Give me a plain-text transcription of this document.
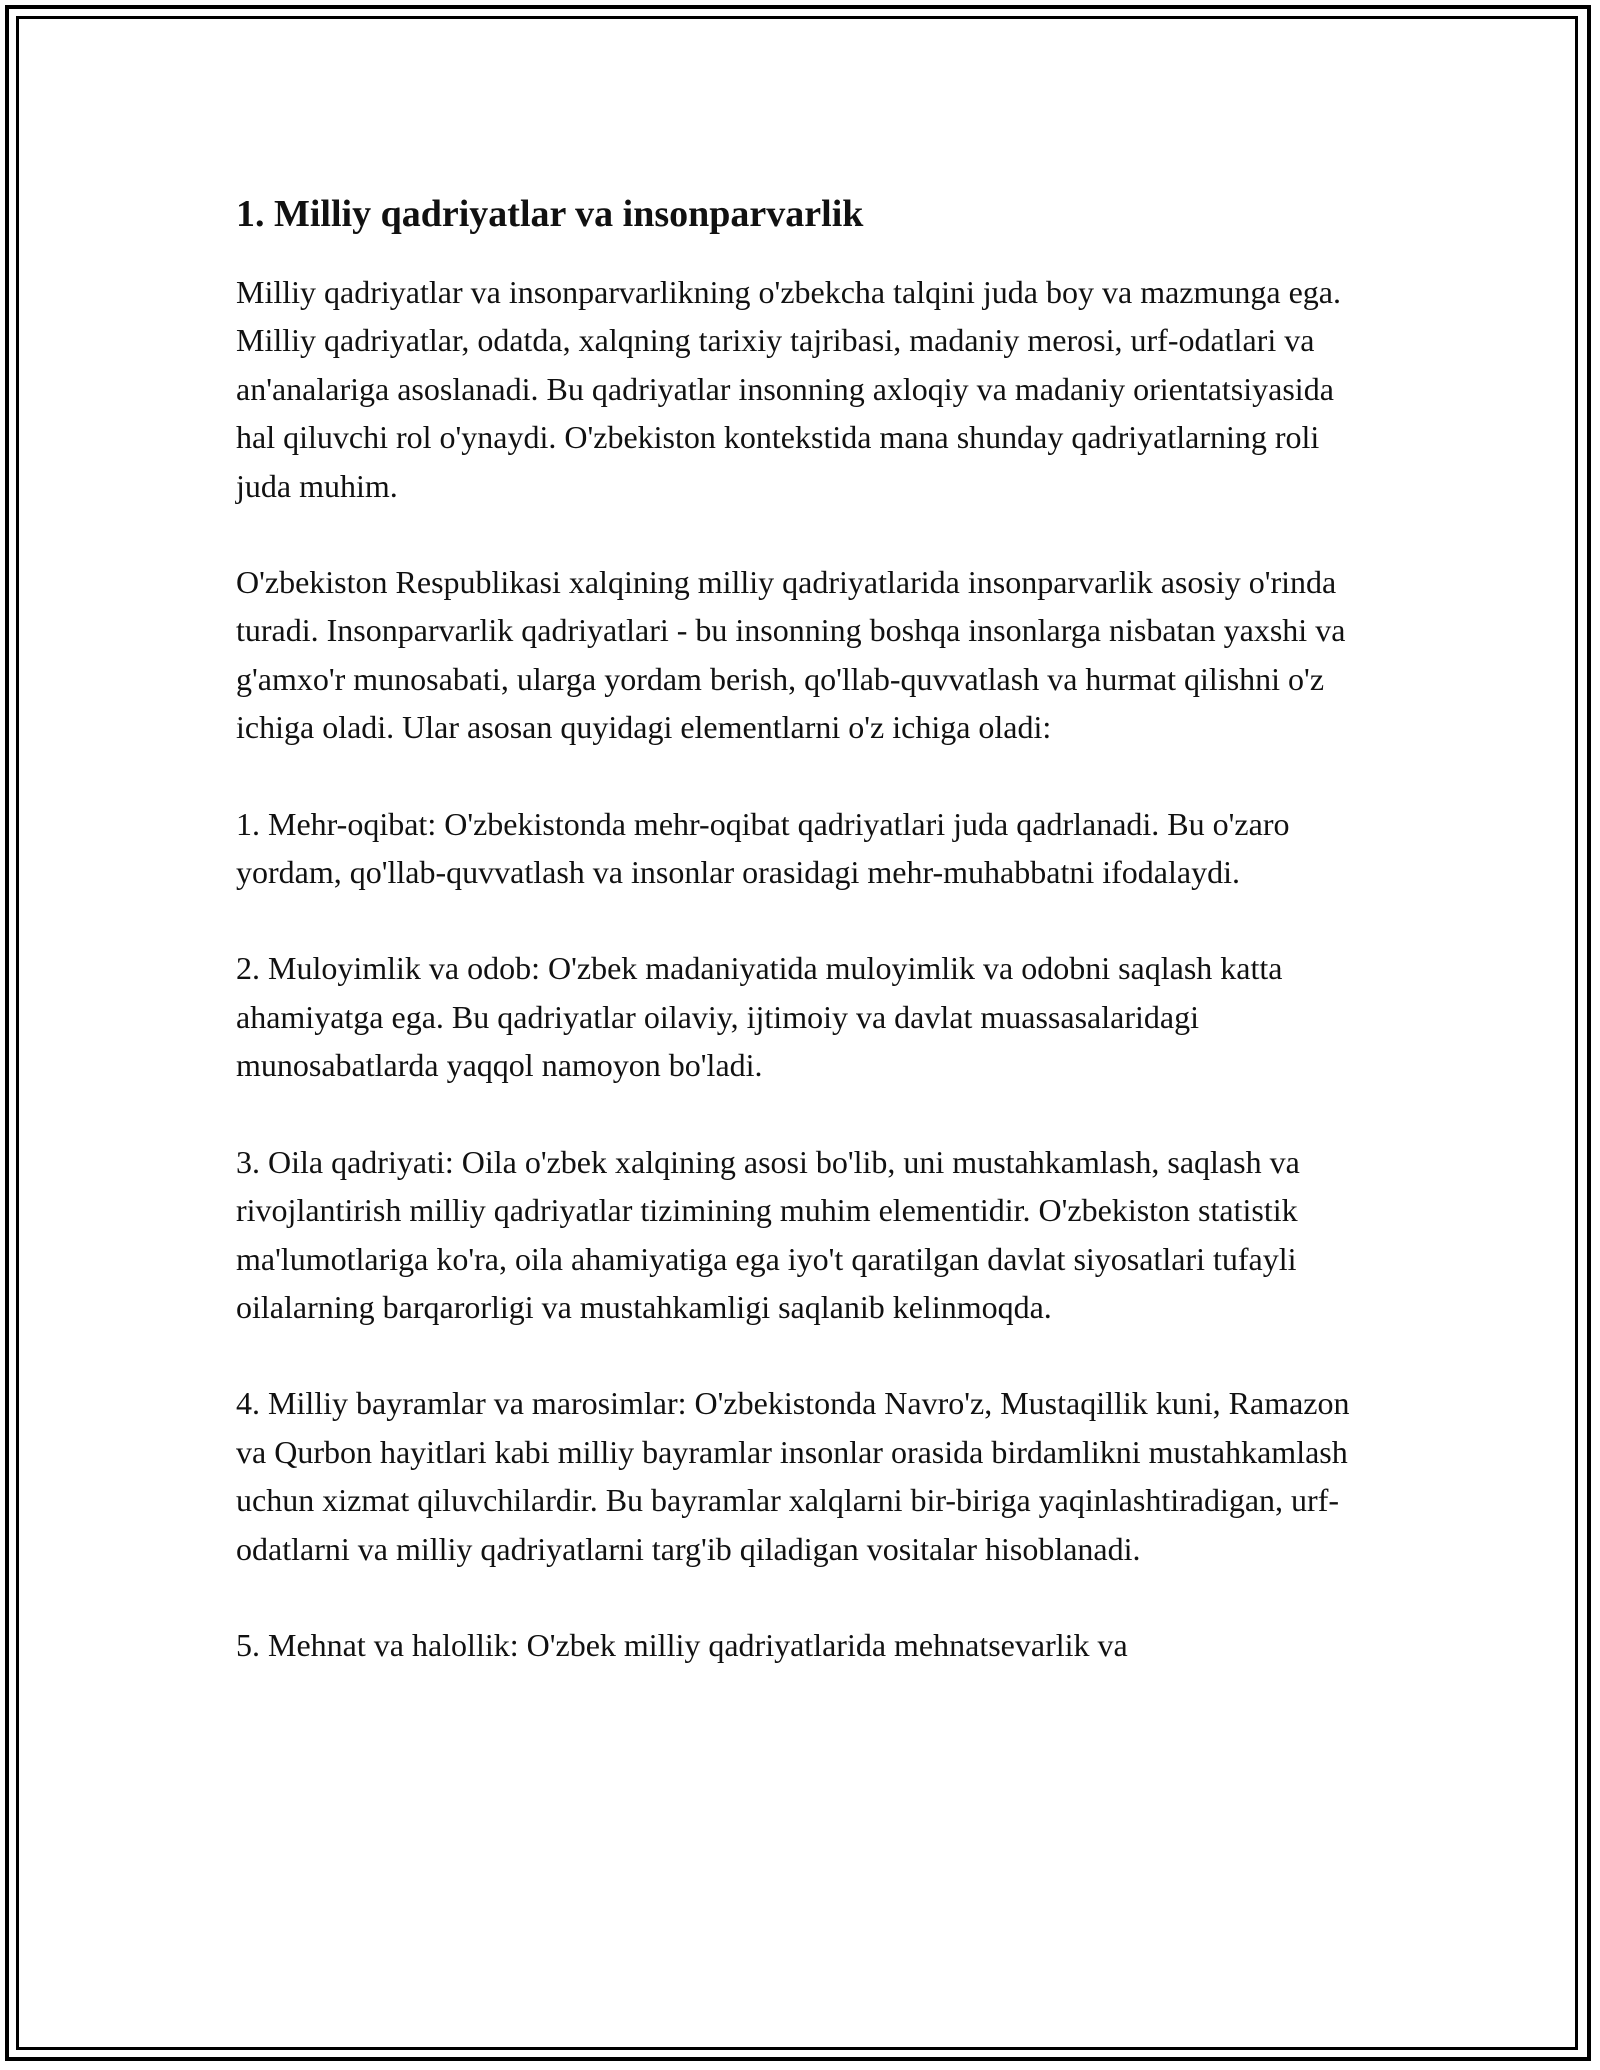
1. Milliy qadriyatlar va insonparvarlik

Milliy qadriyatlar va insonparvarlikning o'zbekcha talqini juda boy va mazmunga ega. Milliy qadriyatlar, odatda, xalqning tarixiy tajribasi, madaniy merosi, urf-odatlari va an'analariga asoslanadi. Bu qadriyatlar insonning axloqiy va madaniy orientatsiyasida hal qiluvchi rol o'ynaydi. O'zbekiston kontekstida mana shunday qadriyatlarning roli juda muhim.

O'zbekiston Respublikasi xalqining milliy qadriyatlarida insonparvarlik asosiy o'rinda turadi. Insonparvarlik qadriyatlari - bu insonning boshqa insonlarga nisbatan yaxshi va g'amxo'r munosabati, ularga yordam berish, qo'llab-quvvatlash va hurmat qilishni o'z ichiga oladi. Ular asosan quyidagi elementlarni o'z ichiga oladi:

1. Mehr-oqibat: O'zbekistonda mehr-oqibat qadriyatlari juda qadrlanadi. Bu o'zaro yordam, qo'llab-quvvatlash va insonlar orasidagi mehr-muhabbatni ifodalaydi.

2. Muloyimlik va odob: O'zbek madaniyatida muloyimlik va odobni saqlash katta ahamiyatga ega. Bu qadriyatlar oilaviy, ijtimoiy va davlat muassasalaridagi munosabatlarda yaqqol namoyon bo'ladi.

3. Oila qadriyati: Oila o'zbek xalqining asosi bo'lib, uni mustahkamlash, saqlash va rivojlantirish milliy qadriyatlar tizimining muhim elementidir. O'zbekiston statistik ma'lumotlariga ko'ra, oila ahamiyatiga ega iyo't qaratilgan davlat siyosatlari tufayli oilalarning barqarorligi va mustahkamligi saqlanib kelinmoqda.

4. Milliy bayramlar va marosimlar: O'zbekistonda Navro'z, Mustaqillik kuni, Ramazon va Qurbon hayitlari kabi milliy bayramlar insonlar orasida birdamlikni mustahkamlash uchun xizmat qiluvchilardir. Bu bayramlar xalqlarni bir-biriga yaqinlashtiradigan, urf-odatlarni va milliy qadriyatlarni targ'ib qiladigan vositalar hisoblanadi.

5. Mehnat va halollik: O'zbek milliy qadriyatlarida mehnatsevarlik va
